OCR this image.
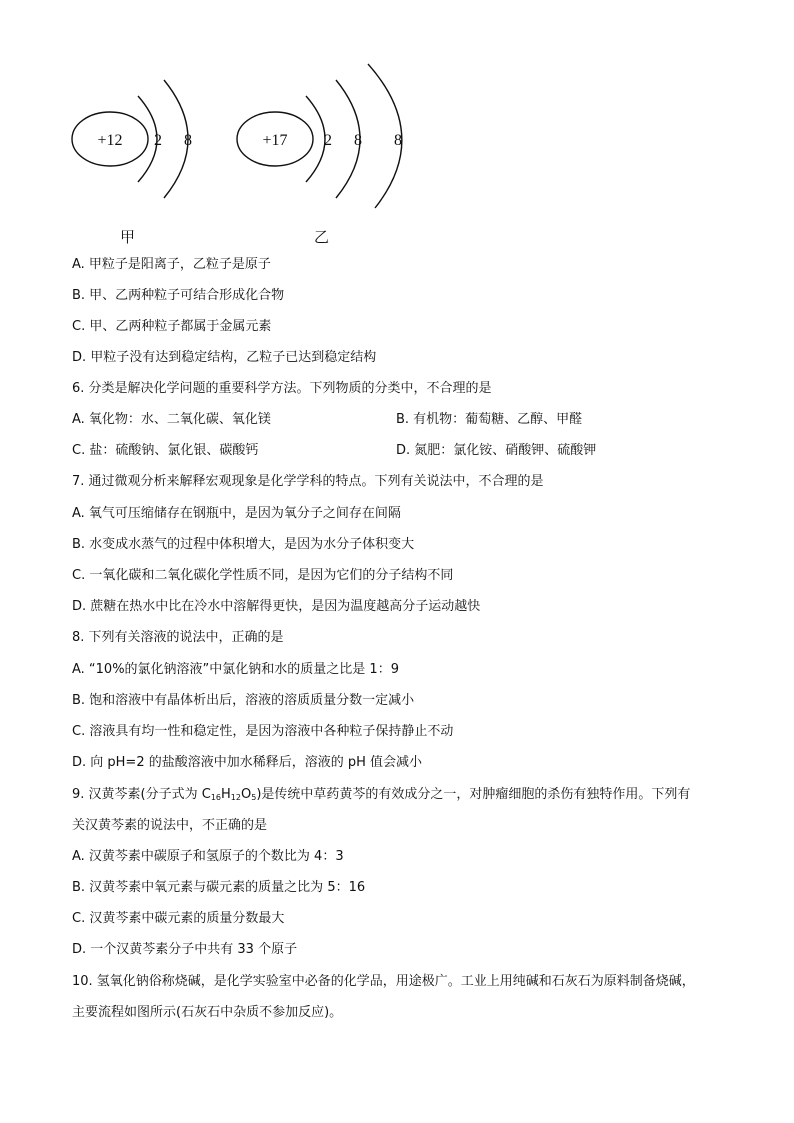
+12 2 8	+17 2 8 8
甲	乙
A. 甲粒子是阳离子，乙粒子是原子
B. 甲、乙两种粒子可结合形成化合物
C. 甲、乙两种粒子都属于金属元素
D. 甲粒子没有达到稳定结构，乙粒子已达到稳定结构
6. 分类是解决化学问题的重要科学方法。下列物质的分类中，不合理的是
A. 氧化物：水、二氧化碳、氧化镁	B. 有机物：葡萄糖、乙醇、甲醛
C. 盐：硫酸钠、氯化银、碳酸钙	D. 氮肥：氯化铵、硝酸钾、硫酸钾
7. 通过微观分析来解释宏观现象是化学学科的特点。下列有关说法中，不合理的是
A. 氧气可压缩储存在钢瓶中，是因为氧分子之间存在间隔
B. 水变成水蒸气的过程中体积增大，是因为水分子体积变大
C. 一氧化碳和二氧化碳化学性质不同，是因为它们的分子结构不同
D. 蔗糖在热水中比在冷水中溶解得更快，是因为温度越高分子运动越快
8. 下列有关溶液的说法中，正确的是
A. “10%的氯化钠溶液”中氯化钠和水的质量之比是 1：9
B. 饱和溶液中有晶体析出后，溶液的溶质质量分数一定减小
C. 溶液具有均一性和稳定性，是因为溶液中各种粒子保持静止不动
D. 向 pH=2 的盐酸溶液中加水稀释后，溶液的 pH 值会减小
9. 汉黄芩素(分子式为 $C_{16}H_{12}O_5$)是传统中草药黄芩的有效成分之一，对肿瘤细胞的杀伤有独特作用。下列有
关汉黄芩素的说法中，不正确的是
A. 汉黄芩素中碳原子和氢原子的个数比为 4：3
B. 汉黄芩素中氧元素与碳元素的质量之比为 5：16
C. 汉黄芩素中碳元素的质量分数最大
D. 一个汉黄芩素分子中共有 33 个原子
10. 氢氧化钠俗称烧碱，是化学实验室中必备的化学品，用途极广。工业上用纯碱和石灰石为原料制备烧碱，
主要流程如图所示(石灰石中杂质不参加反应)。
